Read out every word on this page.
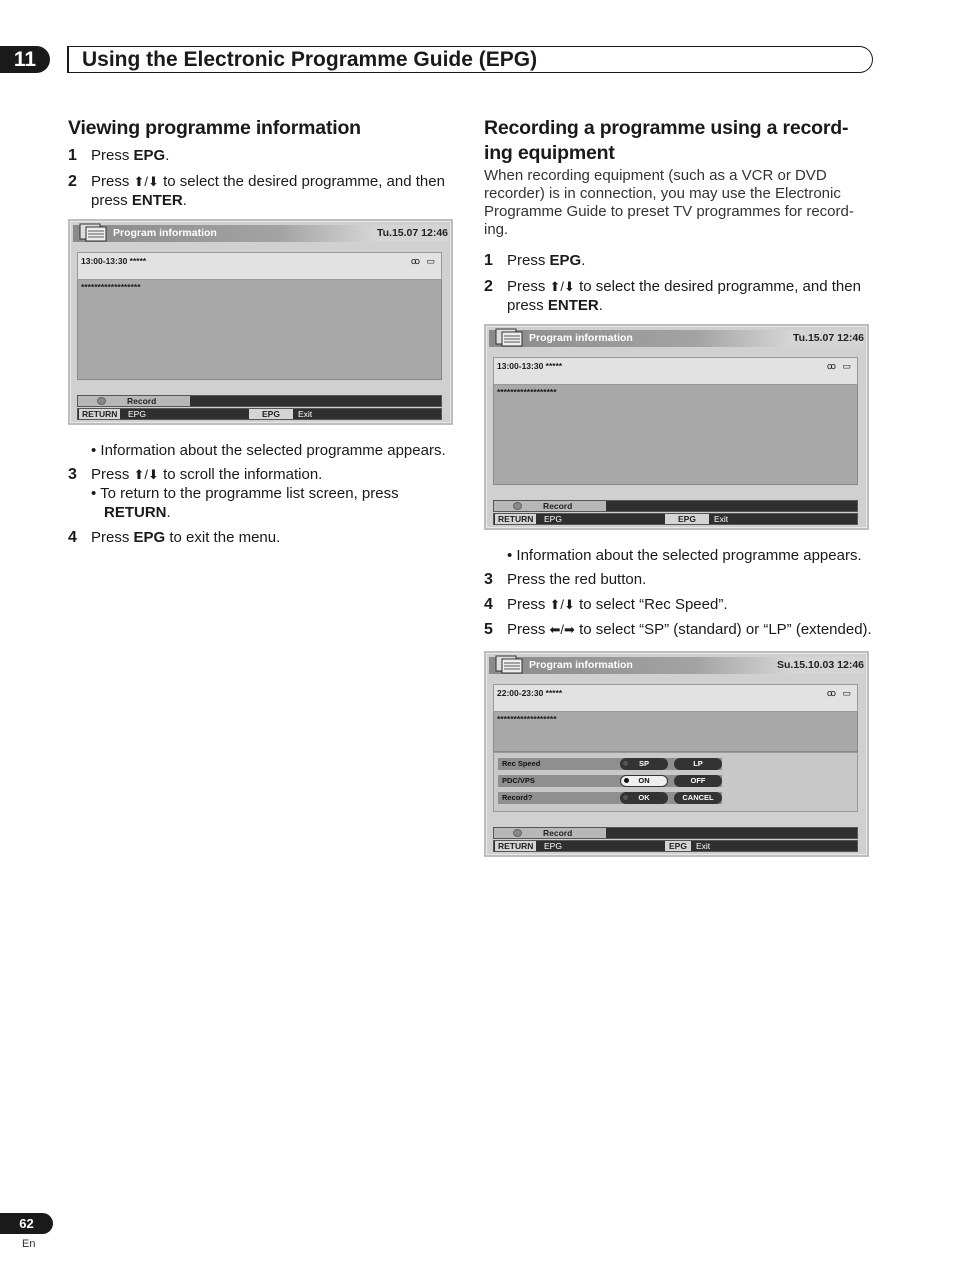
11	Using the Electronic Programme Guide (EPG)
Viewing programme information
1 Press EPG.
2 Press ⬆/⬇ to select the desired programme, and then press ENTER.
Program information	Tu.15.07 12:46
13:00-13:30 *****	ꝏ ▭
******************
Record
RETURN	EPG	EPG	Exit
• Information about the selected programme appears.
3 Press ⬆/⬇ to scroll the information.
• To return to the programme list screen, press RETURN.
4 Press EPG to exit the menu.
Recording a programme using a record-ing equipment

When recording equipment (such as a VCR or DVD recorder) is in connection, you may use the Electronic Programme Guide to preset TV programmes for record-ing.

1 Press EPG.
2 Press ⬆/⬇ to select the desired programme, and then press ENTER.
Program information	Tu.15.07 12:46
13:00-13:30 *****	ꝏ ▭
******************
Record
RETURN	EPG	EPG	Exit
• Information about the selected programme appears.
3 Press the red button.
4 Press ⬆/⬇ to select “Rec Speed”.
5 Press ⬅/➡ to select “SP” (standard) or “LP” (extended).
Program information	Su.15.10.03 12:46
22:00-23:30 *****	ꝏ ▭
******************
Rec Speed	SP	LP
PDC/VPS	ON	OFF
Record?	OK	CANCEL
Record
RETURN	EPG	EPG	Exit
62
En
